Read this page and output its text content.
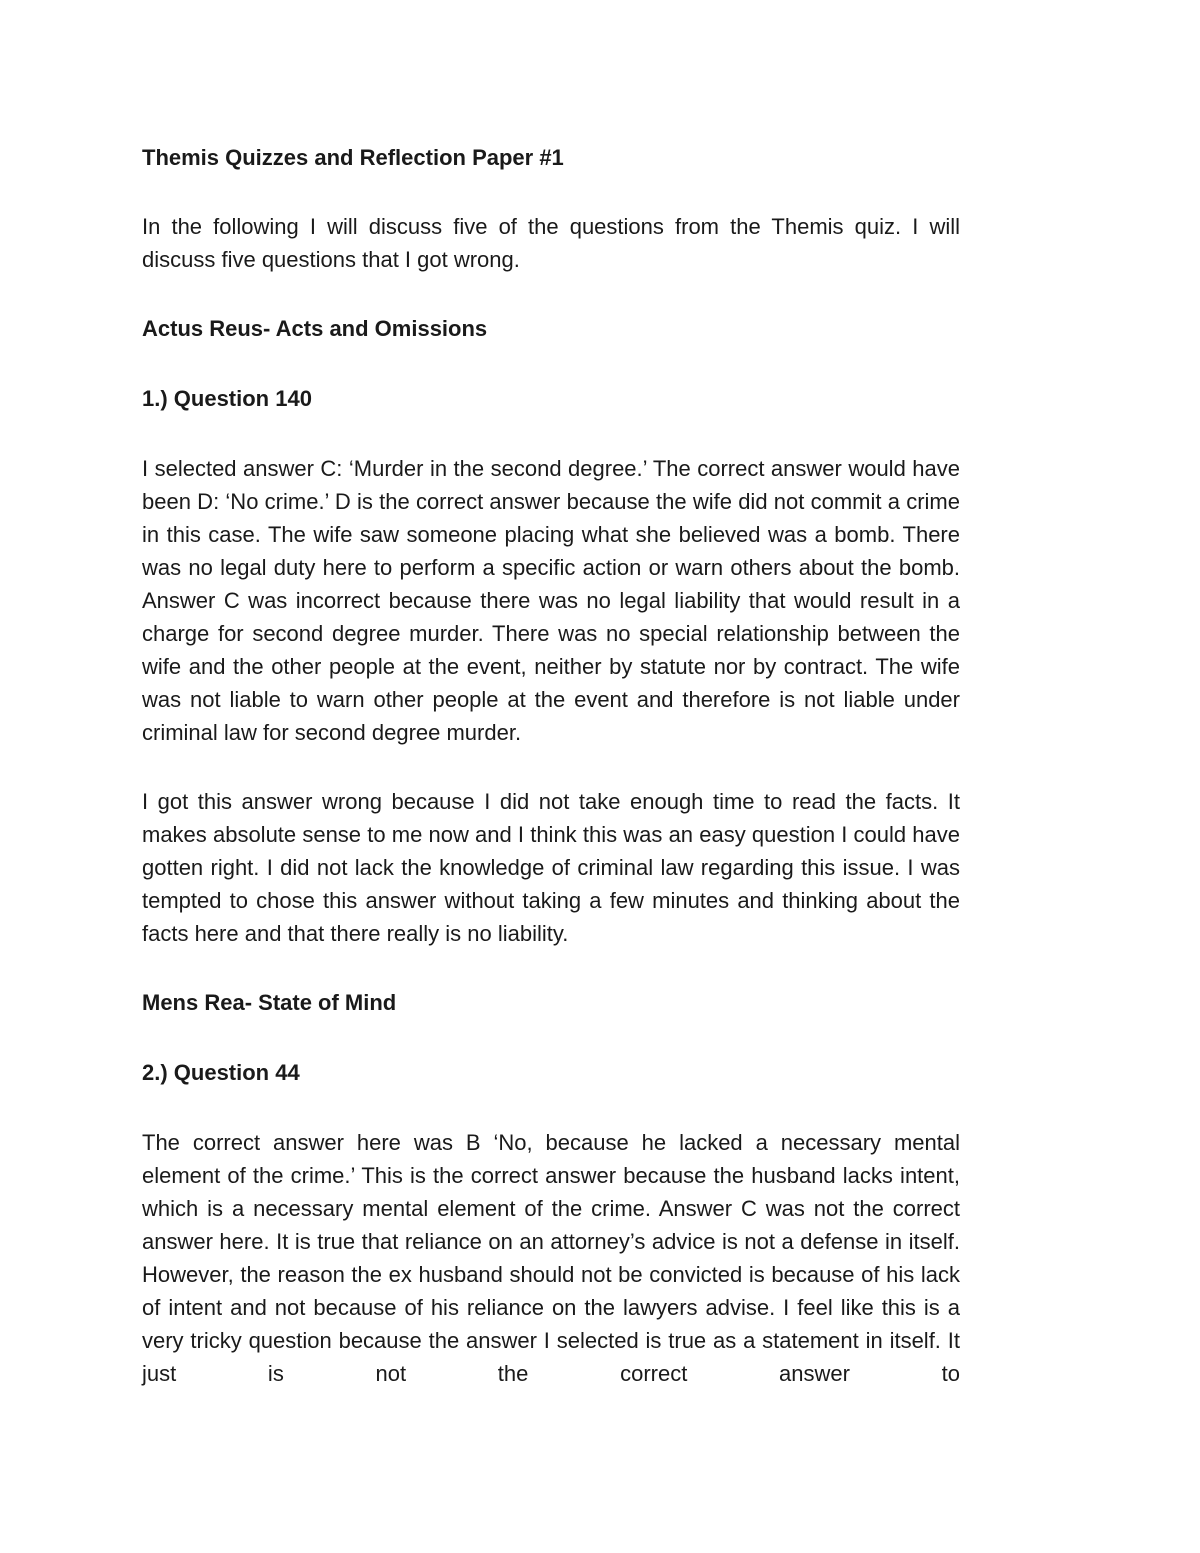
Themis Quizzes and Reflection Paper #1

In the following I will discuss five of the questions from the Themis quiz. I will discuss five questions that I got wrong.

Actus Reus- Acts and Omissions

1.) Question 140

I selected answer C: ‘Murder in the second degree.’ The correct answer would have been D: ‘No crime.’ D is the correct answer because the wife did not commit a crime in this case. The wife saw someone placing what she believed was a bomb. There was no legal duty here to perform a specific action or warn others about the bomb. Answer C was incorrect because there was no legal liability that would result in a charge for second degree murder. There was no special relationship between the wife and the other people at the event, neither by statute nor by contract. The wife was not liable to warn other people at the event and therefore is not liable under criminal law for second degree murder.

I got this answer wrong because I did not take enough time to read the facts. It makes absolute sense to me now and I think this was an easy question I could have gotten right. I did not lack the knowledge of criminal law regarding this issue. I was tempted to chose this answer without taking a few minutes and thinking about the facts here and that there really is no liability.

Mens Rea- State of Mind

2.) Question 44

The correct answer here was B ‘No, because he lacked a necessary mental element of the crime.’ This is the correct answer because the husband lacks intent, which is a necessary mental element of the crime. Answer C was not the correct answer here. It is true that reliance on an attorney’s advice is not a defense in itself. However, the reason the ex husband should not be convicted is because of his lack of intent and not because of his reliance on the lawyers advise. I feel like this is a very tricky question because the answer I selected is true as a statement in itself. It just is not the correct answer to
